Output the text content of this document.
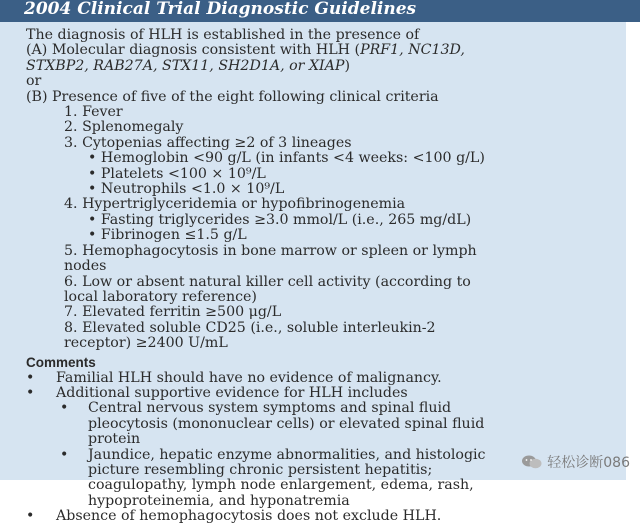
2004 Clinical Trial Diagnostic Guidelines
The diagnosis of HLH is established in the presence of
(A) Molecular diagnosis consistent with HLH (PRF1, NC13D,
STXBP2, RAB27A, STX11, SH2D1A, or XIAP)
or
(B) Presence of five of the eight following clinical criteria
1. Fever
2. Splenomegaly
3. Cytopenias affecting ≥2 of 3 lineages
• Hemoglobin <90 g/L (in infants <4 weeks: <100 g/L)
• Platelets <100 × 10⁹/L
• Neutrophils <1.0 × 10⁹/L
4. Hypertriglyceridemia or hypofibrinogenemia
• Fasting triglycerides ≥3.0 mmol/L (i.e., 265 mg/dL)
• Fibrinogen ≤1.5 g/L
5. Hemophagocytosis in bone marrow or spleen or lymph
nodes
6. Low or absent natural killer cell activity (according to
local laboratory reference)
7. Elevated ferritin ≥500 μg/L
8. Elevated soluble CD25 (i.e., soluble interleukin-2
receptor) ≥2400 U/mL
Comments
•	Familial HLH should have no evidence of malignancy.
•	Additional supportive evidence for HLH includes
•	Central nervous system symptoms and spinal fluid
pleocytosis (mononuclear cells) or elevated spinal fluid
protein
•	Jaundice, hepatic enzyme abnormalities, and histologic
picture resembling chronic persistent hepatitis;
coagulopathy, lymph node enlargement, edema, rash,
hypoproteinemia, and hyponatremia
•	Absence of hemophagocytosis does not exclude HLH.
轻松诊断086
